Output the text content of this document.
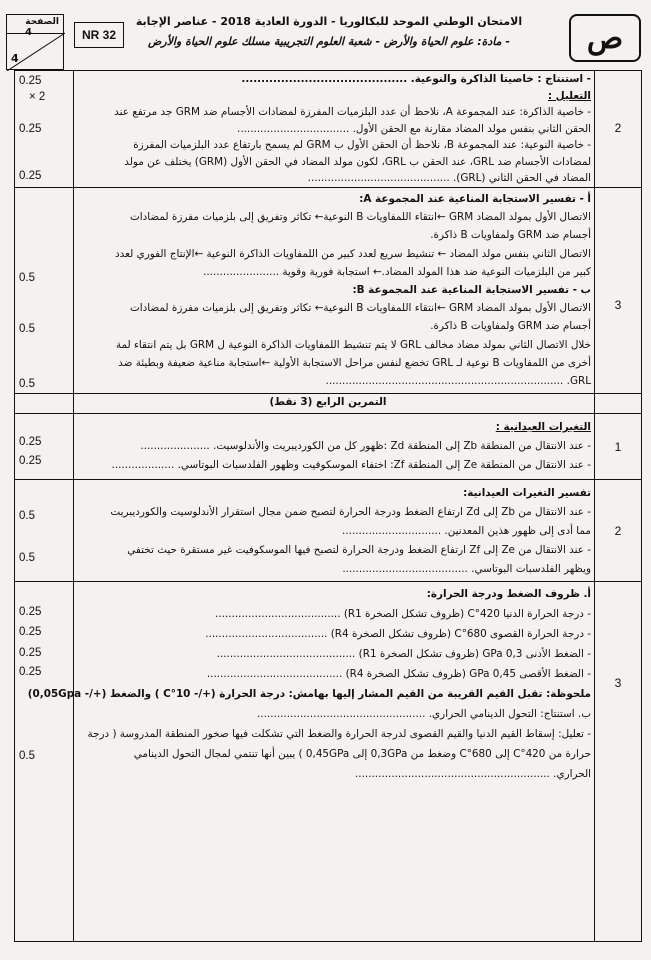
ص
الامتحان الوطني الموحد للبكالوريا - الدورة العادية 2018 - عناصر الإجابة
- مادة: علوم الحياة والأرض - شعبة العلوم التجريبية مسلك علوم الحياة والأرض
NR 32
الصفحة
4
4
0.25
× 2
0.25
0.25
2

- استنتاج : خاصيتا الذاكرة والنوعية. ..........................................

التعليل :

- خاصية الذاكرة: عند المجموعة A، نلاحظ أن عدد البلزميات المفرزة لمضادات الأجسام ضد GRM جد مرتفع عند

الحقن الثاني بنفس مولد المضاد مقارنة مع الحقن الأول. ..................................

- خاصية النوعية: عند المجموعة B، نلاحظ أن الحقن الأول ب GRM لم يسمح بارتفاع عدد البلزميات المفرزة

لمضادات الأجسام ضد GRL، عند الحقن ب GRL، لكون مولد المضاد في الحقن الأول (GRM) يختلف عن مولد

المضاد في الحقن الثاني (GRL). ...........................................

0.5
0.5
0.5
3

أ - تفسير الاستجابة المناعية عند المجموعة A:

الاتصال الأول بمولد المضاد GRM ←انتقاء اللمفاويات B النوعية← تكاثر وتفريق إلى بلزميات مفرزة لمضادات

أجسام ضد GRM ولمفاويات B ذاكرة.

الاتصال الثاني بنفس مولد المضاد ← تنشيط سريع لعدد كبير من اللمفاويات الذاكرة النوعية ←الإنتاج الفوري لعدد

كبير من البلزميات النوعية ضد هذا المولد المضاد.← استجابة فورية وقوية .......................

ب - تفسير الاستجابة المناعية عند المجموعة B:

الاتصال الأول بمولد المضاد GRM ←انتقاء اللمفاويات B النوعية← تكاثر وتفريق إلى بلزميات مفرزة لمضادات

أجسام ضد GRM ولمفاويات B ذاكرة.

خلال الاتصال الثاني بمولد مضاد مخالف GRL لا يتم تنشيط اللمفاويات الذاكرة النوعية ل GRM بل يتم انتقاء لمة

أخرى من اللمفاويات B نوعية لـ GRL تخضع لنفس مراحل الاستجابة الأولية ←استجابة مناعية ضعيفة وبطيئة ضد

GRL. ........................................................................

التمرين الرابع (3 نقط)
0.25
0.25
1

التغيرات العيدانية :

- عند الانتقال من المنطقة Zb إلى المنطقة Zd :ظهور كل من الكورديبريت والأندلوسيت. .....................

- عند الانتقال من المنطقة Ze إلى المنطقة Zf: اختفاء الموسكوفيت وظهور الفلدسبات البوتاسي. ...................

0.5
0.5
2

تفسير التغيرات العيدانية:

- عند الانتقال من Zb إلى Zd ارتفاع الضغط ودرجة الحرارة لتصبح ضمن مجال استقرار الأندلوسيت والكورديبريت

مما أدى إلى ظهور هذين المعدنين. ..............................

- عند الانتقال من Ze إلى Zf ارتفاع الضغط ودرجة الحرارة لتصبح فيها الموسكوفيت غير مستقرة حيث تختفي

ويظهر الفلدسبات البوتاسي. ......................................

0.25
0.25
0.25
0.25
0.5
3

أ. ظروف الضغط ودرجة الحرارة:

- درجة الحرارة الدنيا 420°C (ظروف تشكل الصخرة R1) ......................................

- درجة الحرارة القصوى 680°C (ظروف تشكل الصخرة R4) .....................................

- الضغط الأدنى 0,3 GPa (ظروف تشكل الصخرة R1) ..........................................

- الضغط الأقصى 0,45 GPa (ظروف تشكل الصخرة R4) .........................................

ملحوظة: تقبل القيم القريبة من القيم المشار إليها بهامش: درجة الحرارة (+/- 10°C ) والضغط (+/- 0,05Gpa)

ب. استنتاج: التحول الدينامي الحراري. ...................................................

- تعليل: إسقاط القيم الدنيا والقيم القصوى لدرجة الحرارة والضغط التي تشكلت فيها صخور المنطقة المدروسة ( درجة

حرارة من 420°C إلى 680°C وضغط من 0,3GPa إلى 0,45GPa ) يبين أنها تنتمي لمجال التحول الدينامي

الحراري. ...........................................................
